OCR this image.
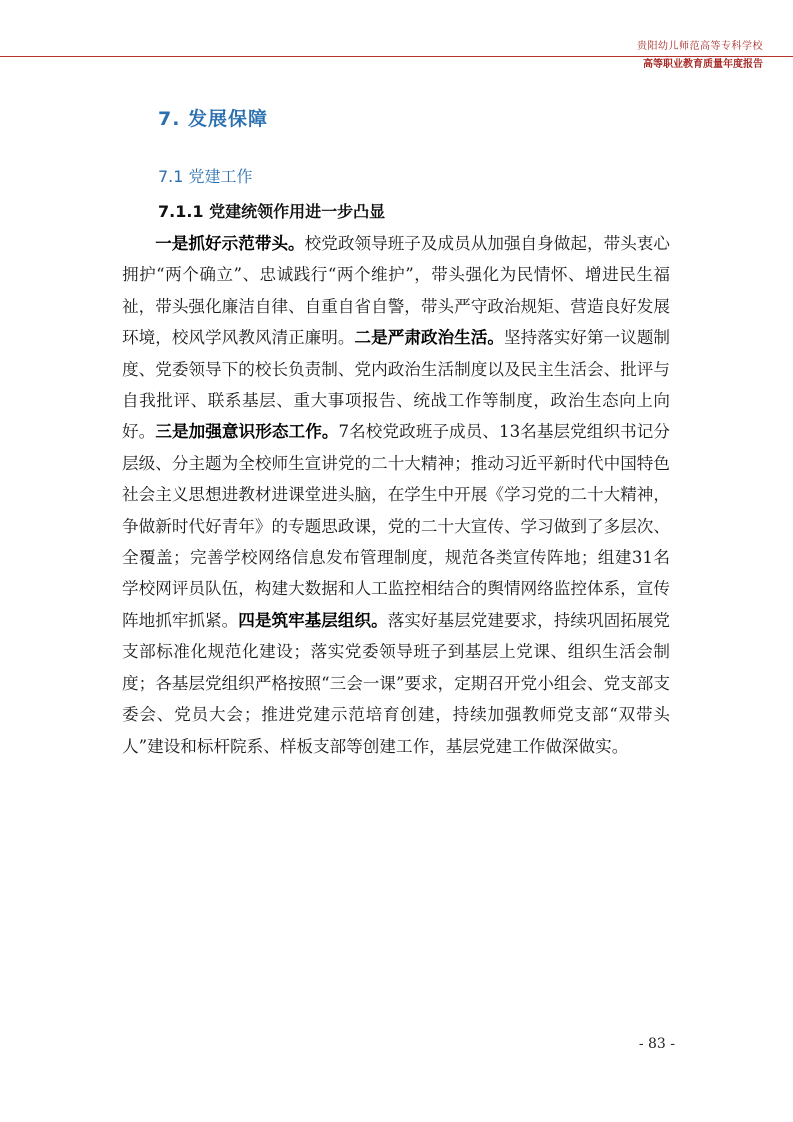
贵阳幼儿师范高等专科学校
高等职业教育质量年度报告
7. 发展保障
7.1 党建工作
7.1.1 党建统领作用进一步凸显
一是抓好示范带头。校党政领导班子及成员从加强自身做起，带头衷心拥护“两个确立”、忠诚践行“两个维护”，带头强化为民情怀、增进民生福祉，带头强化廉洁自律、自重自省自警，带头严守政治规矩、营造良好发展环境，校风学风教风清正廉明。二是严肃政治生活。坚持落实好第一议题制度、党委领导下的校长负责制、党内政治生活制度以及民主生活会、批评与自我批评、联系基层、重大事项报告、统战工作等制度，政治生态向上向好。三是加强意识形态工作。7名校党政班子成员、13名基层党组织书记分层级、分主题为全校师生宣讲党的二十大精神；推动习近平新时代中国特色社会主义思想进教材进课堂进头脑，在学生中开展《学习党的二十大精神，争做新时代好青年》的专题思政课，党的二十大宣传、学习做到了多层次、全覆盖；完善学校网络信息发布管理制度，规范各类宣传阵地；组建31名学校网评员队伍，构建大数据和人工监控相结合的舆情网络监控体系，宣传阵地抓牢抓紧。四是筑牢基层组织。落实好基层党建要求，持续巩固拓展党支部标准化规范化建设；落实党委领导班子到基层上党课、组织生活会制度；各基层党组织严格按照“三会一课”要求，定期召开党小组会、党支部支委会、党员大会；推进党建示范培育创建，持续加强教师党支部“双带头人”建设和标杆院系、样板支部等创建工作，基层党建工作做深做实。
- 83 -
